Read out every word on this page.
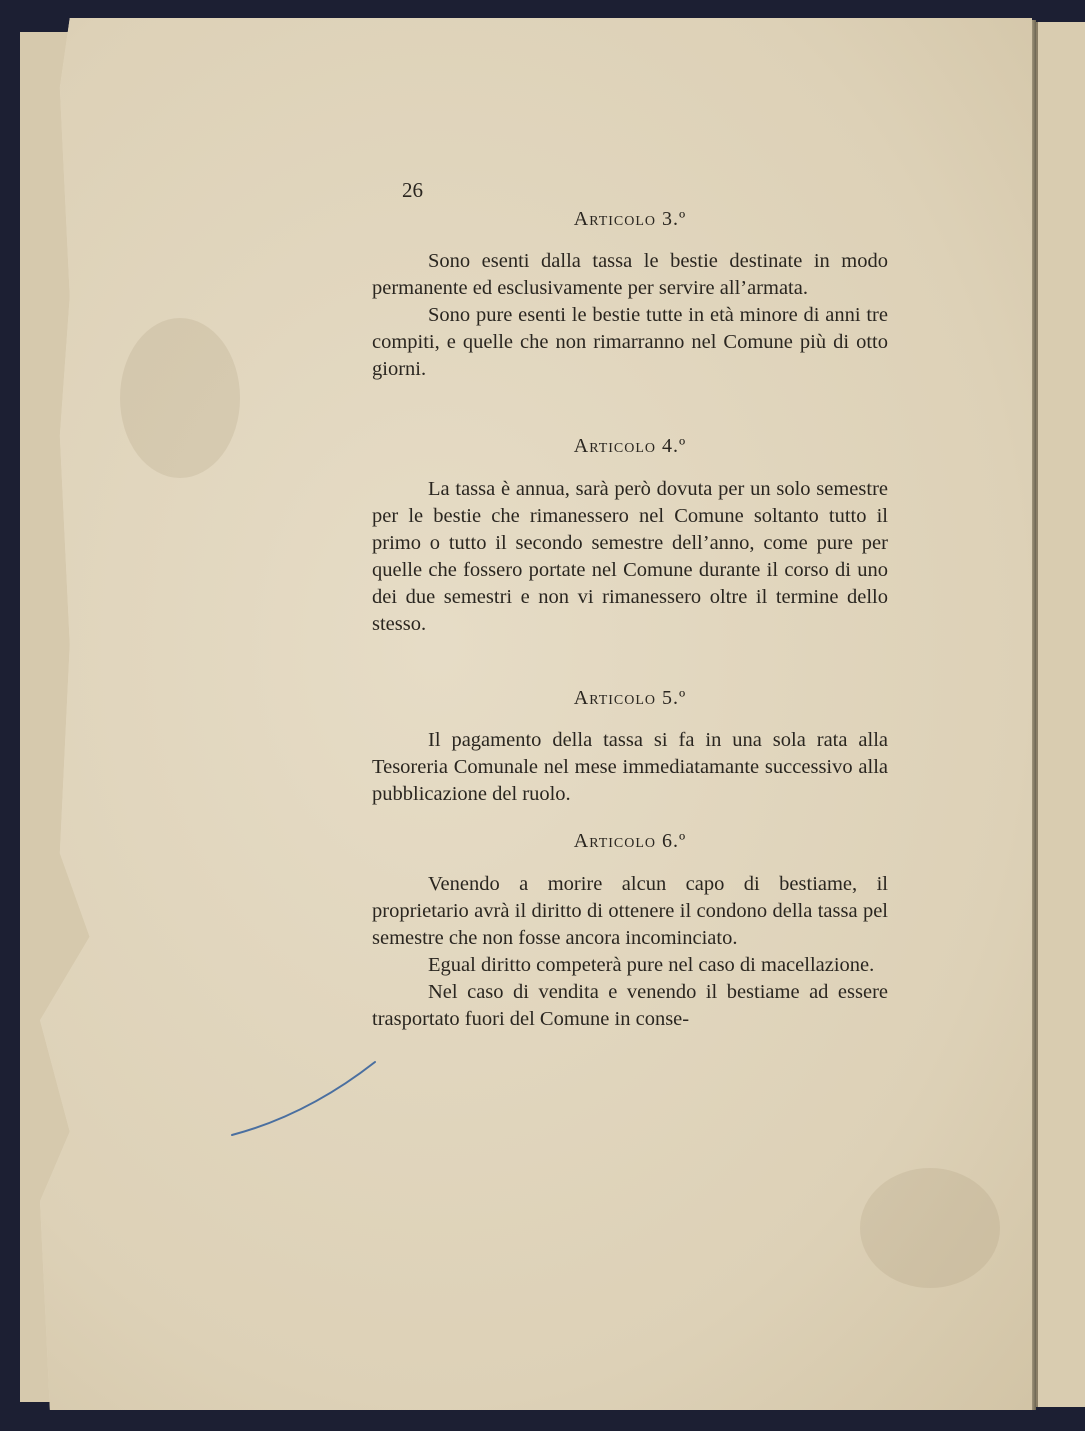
26

Articolo 3.º

Sono esenti dalla tassa le bestie destinate in modo permanente ed esclusivamente per servire all’armata.

Sono pure esenti le bestie tutte in età minore di anni tre compiti, e quelle che non rimarranno nel Comune più di otto giorni.

Articolo 4.º

La tassa è annua, sarà però dovuta per un solo semestre per le bestie che rimanessero nel Comune soltanto tutto il primo o tutto il secondo semestre dell’anno, come pure per quelle che fossero portate nel Comune durante il corso di uno dei due semestri e non vi rimanessero oltre il termine dello stesso.

Articolo 5.º

Il pagamento della tassa si fa in una sola rata alla Tesoreria Comunale nel mese immediatamante successivo alla pubblicazione del ruolo.

Articolo 6.º

Venendo a morire alcun capo di bestiame, il proprietario avrà il diritto di ottenere il condono della tassa pel semestre che non fosse ancora incominciato.

Egual diritto competerà pure nel caso di macellazione.

Nel caso di vendita e venendo il bestiame ad essere trasportato fuori del Comune in conse-
